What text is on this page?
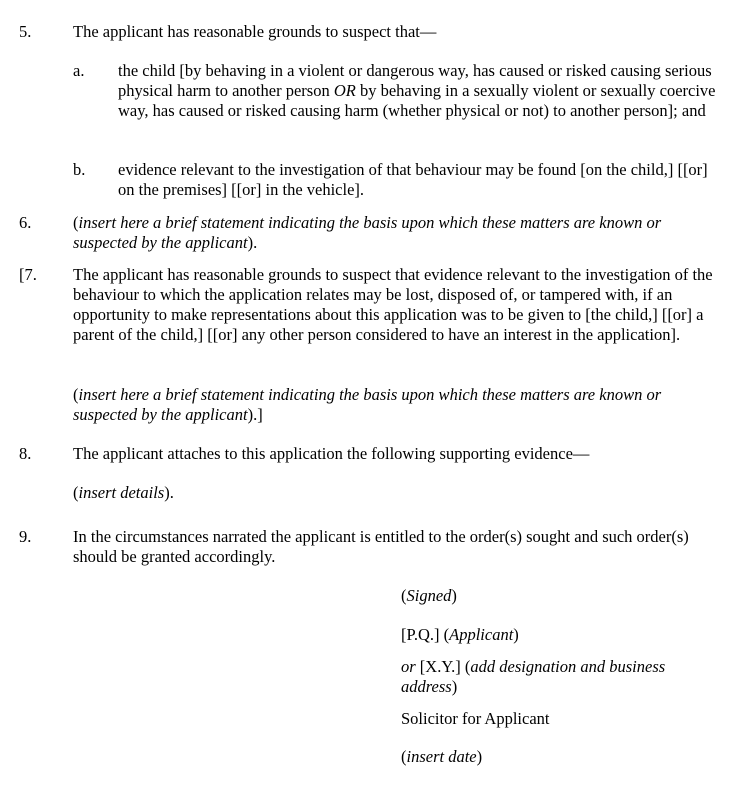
5.	The applicant has reasonable grounds to suspect that—
a. the child [by behaving in a violent or dangerous way, has caused or risked causing serious physical harm to another person OR by behaving in a sexually violent or sexually coercive way, has caused or risked causing harm (whether physical or not) to another person]; and
b. evidence relevant to the investigation of that behaviour may be found [on the child,] [[or] on the premises] [[or] in the vehicle].
6.	(insert here a brief statement indicating the basis upon which these matters are known or suspected by the applicant).
[7. The applicant has reasonable grounds to suspect that evidence relevant to the investigation of the behaviour to which the application relates may be lost, disposed of, or tampered with, if an opportunity to make representations about this application was to be given to [the child,] [[or] a parent of the child,] [[or] any other person considered to have an interest in the application].
(insert here a brief statement indicating the basis upon which these matters are known or suspected by the applicant).]
8.	The applicant attaches to this application the following supporting evidence—
(insert details).
9.	In the circumstances narrated the applicant is entitled to the order(s) sought and such order(s) should be granted accordingly.
(Signed)
[P.Q.] (Applicant)
or [X.Y.] (add designation and business address)
Solicitor for Applicant
(insert date)
